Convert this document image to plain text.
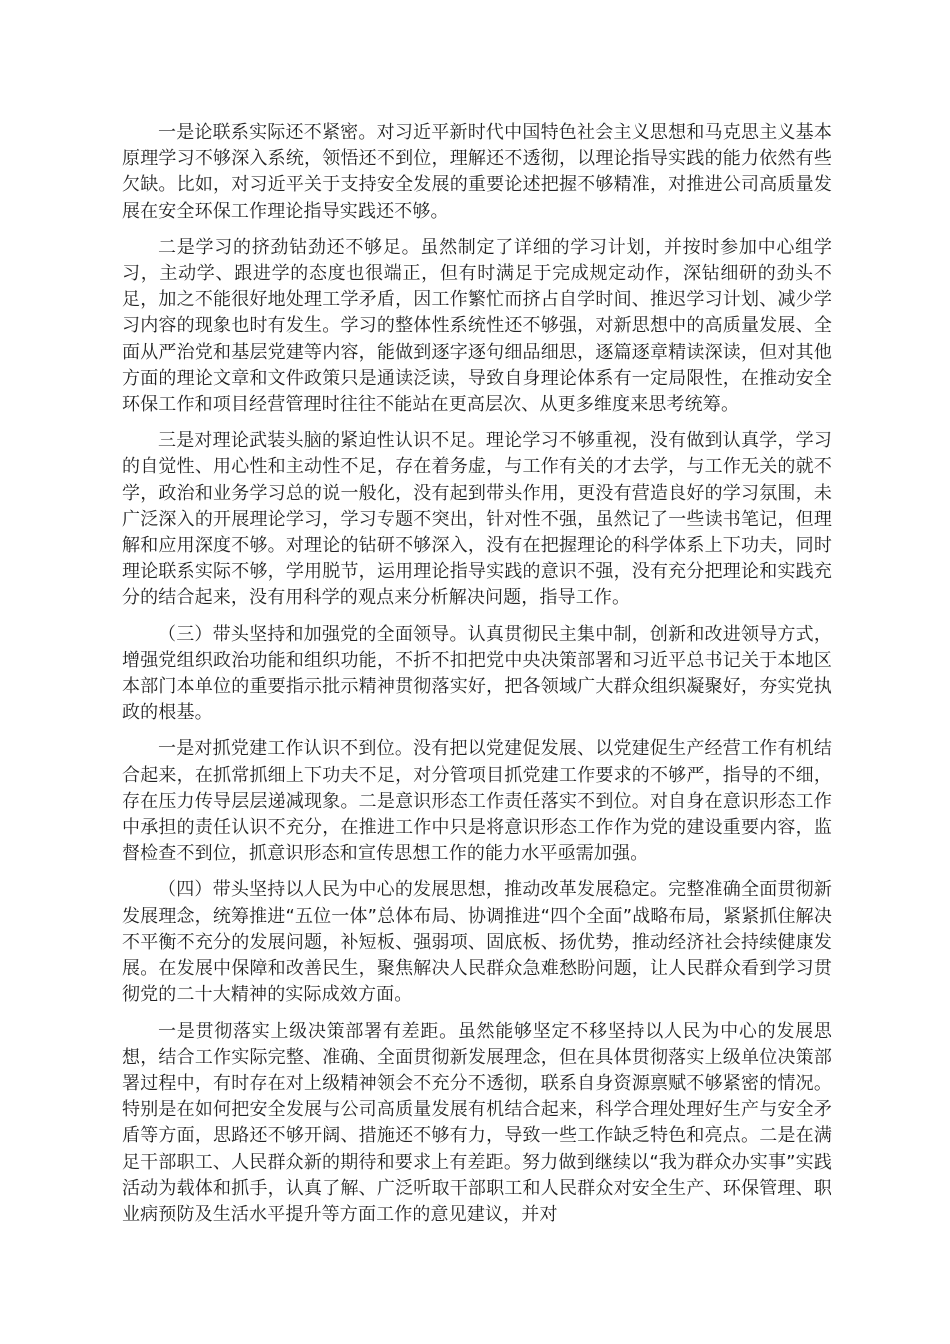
一是论联系实际还不紧密。对习近平新时代中国特色社会主义思想和马克思主义基本原理学习不够深入系统，领悟还不到位，理解还不透彻，以理论指导实践的能力依然有些欠缺。比如，对习近平关于支持安全发展的重要论述把握不够精准，对推进公司高质量发展在安全环保工作理论指导实践还不够。

二是学习的挤劲钻劲还不够足。虽然制定了详细的学习计划，并按时参加中心组学习，主动学、跟进学的态度也很端正，但有时满足于完成规定动作，深钻细研的劲头不足，加之不能很好地处理工学矛盾，因工作繁忙而挤占自学时间、推迟学习计划、减少学习内容的现象也时有发生。学习的整体性系统性还不够强，对新思想中的高质量发展、全面从严治党和基层党建等内容，能做到逐字逐句细品细思，逐篇逐章精读深读，但对其他方面的理论文章和文件政策只是通读泛读，导致自身理论体系有一定局限性，在推动安全环保工作和项目经营管理时往往不能站在更高层次、从更多维度来思考统筹。

三是对理论武装头脑的紧迫性认识不足。理论学习不够重视，没有做到认真学，学习的自觉性、用心性和主动性不足，存在着务虚，与工作有关的才去学，与工作无关的就不学，政治和业务学习总的说一般化，没有起到带头作用，更没有营造良好的学习氛围，未广泛深入的开展理论学习，学习专题不突出，针对性不强，虽然记了一些读书笔记，但理解和应用深度不够。对理论的钻研不够深入，没有在把握理论的科学体系上下功夫，同时理论联系实际不够，学用脱节，运用理论指导实践的意识不强，没有充分把理论和实践充分的结合起来，没有用科学的观点来分析解决问题，指导工作。

（三）带头坚持和加强党的全面领导。认真贯彻民主集中制，创新和改进领导方式，增强党组织政治功能和组织功能，不折不扣把党中央决策部署和习近平总书记关于本地区本部门本单位的重要指示批示精神贯彻落实好，把各领域广大群众组织凝聚好，夯实党执政的根基。

一是对抓党建工作认识不到位。没有把以党建促发展、以党建促生产经营工作有机结合起来，在抓常抓细上下功夫不足，对分管项目抓党建工作要求的不够严，指导的不细，存在压力传导层层递减现象。二是意识形态工作责任落实不到位。对自身在意识形态工作中承担的责任认识不充分，在推进工作中只是将意识形态工作作为党的建设重要内容，监督检查不到位，抓意识形态和宣传思想工作的能力水平亟需加强。

（四）带头坚持以人民为中心的发展思想，推动改革发展稳定。完整准确全面贯彻新发展理念，统筹推进“五位一体”总体布局、协调推进“四个全面”战略布局，紧紧抓住解决不平衡不充分的发展问题，补短板、强弱项、固底板、扬优势，推动经济社会持续健康发展。在发展中保障和改善民生，聚焦解决人民群众急难愁盼问题，让人民群众看到学习贯彻党的二十大精神的实际成效方面。

一是贯彻落实上级决策部署有差距。虽然能够坚定不移坚持以人民为中心的发展思想，结合工作实际完整、准确、全面贯彻新发展理念，但在具体贯彻落实上级单位决策部署过程中，有时存在对上级精神领会不充分不透彻，联系自身资源禀赋不够紧密的情况。特别是在如何把安全发展与公司高质量发展有机结合起来，科学合理处理好生产与安全矛盾等方面，思路还不够开阔、措施还不够有力，导致一些工作缺乏特色和亮点。二是在满足干部职工、人民群众新的期待和要求上有差距。努力做到继续以“我为群众办实事”实践活动为载体和抓手，认真了解、广泛听取干部职工和人民群众对安全生产、环保管理、职业病预防及生活水平提升等方面工作的意见建议，并对
